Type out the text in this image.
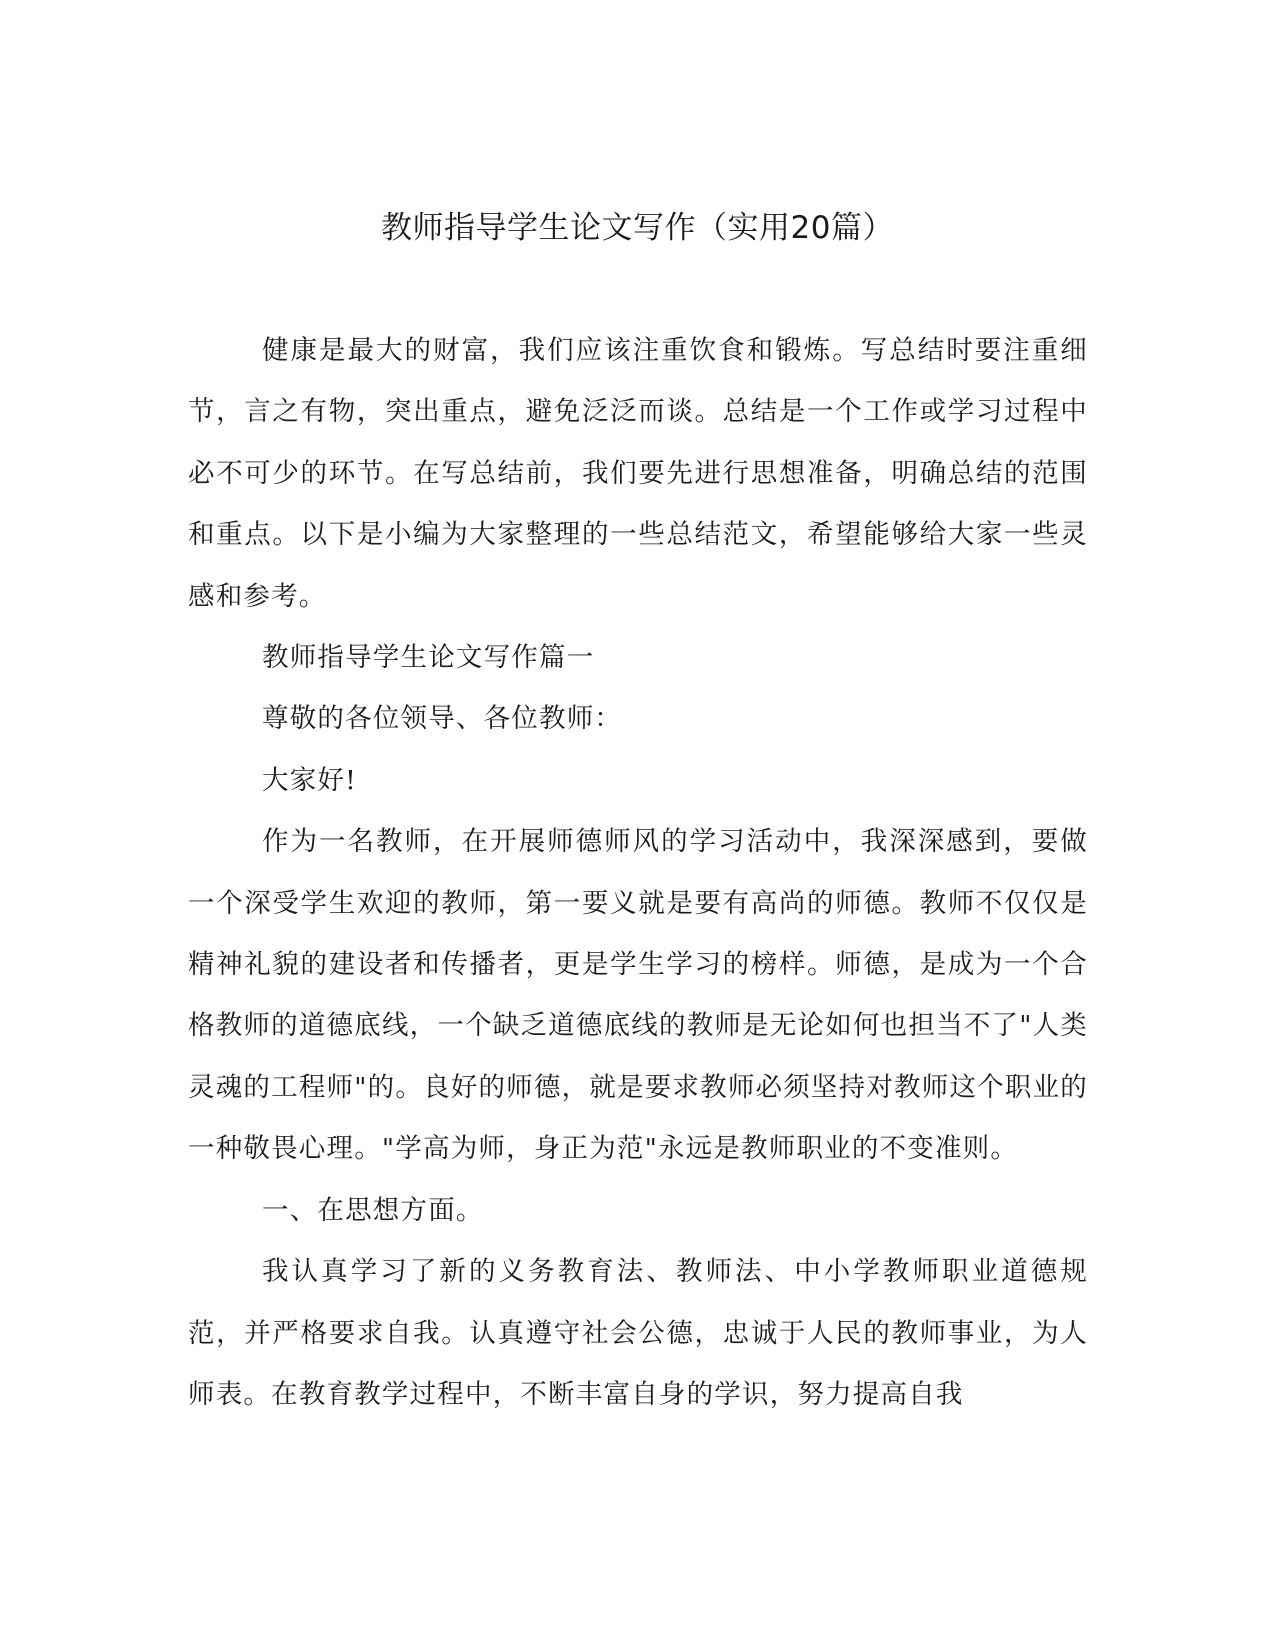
教师指导学生论文写作（实用20篇）

健康是最大的财富，我们应该注重饮食和锻炼。写总结时要注重细节，言之有物，突出重点，避免泛泛而谈。总结是一个工作或学习过程中必不可少的环节。在写总结前，我们要先进行思想准备，明确总结的范围和重点。以下是小编为大家整理的一些总结范文，希望能够给大家一些灵感和参考。

教师指导学生论文写作篇一

尊敬的各位领导、各位教师：

大家好!

作为一名教师，在开展师德师风的学习活动中，我深深感到，要做一个深受学生欢迎的教师，第一要义就是要有高尚的师德。教师不仅仅是精神礼貌的建设者和传播者，更是学生学习的榜样。师德，是成为一个合格教师的道德底线，一个缺乏道德底线的教师是无论如何也担当不了"人类灵魂的工程师"的。良好的师德，就是要求教师必须坚持对教师这个职业的一种敬畏心理。"学高为师，身正为范"永远是教师职业的不变准则。

一、在思想方面。

我认真学习了新的义务教育法、教师法、中小学教师职业道德规范，并严格要求自我。认真遵守社会公德，忠诚于人民的教师事业，为人师表。在教育教学过程中，不断丰富自身的学识，努力提高自我
